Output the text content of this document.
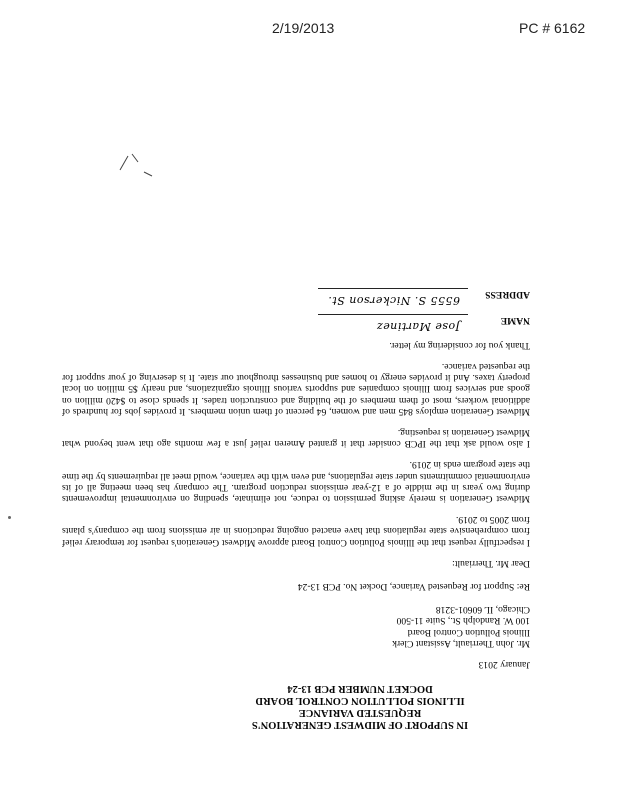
2/19/2013	PC # 6162
IN SUPPORT OF MIDWEST GENERATION'S
REQUESTED VARIANCE
ILLINOIS POLLUTION CONTROL BOARD
DOCKET NUMBER PCB 13-24
January 2013
Mr. John Therriault, Assistant Clerk
Illinois Pollution Control Board
100 W. Randolph St., Suite 11-500
Chicago, IL 60601-3218
Re: Support for Requested Variance, Docket No. PCB 13-24
Dear Mr. Therriault:
I respectfully request that the Illinois Pollution Control Board approve Midwest Generation's request for temporary relief from comprehensive state regulations that have enacted ongoing reductions in air emissions from the company's plants from 2005 to 2019.
Midwest Generation is merely asking permission to reduce, not eliminate, spending on environmental improvements during two years in the middle of a 12-year emissions reduction program. The company has been meeting all of its environmental commitments under state regulations, and even with the variance, would meet all requirements by the time the state program ends in 2019.
I also would ask that the IPCB consider that it granted Ameren relief just a few months ago that went beyond what Midwest Generation is requesting.
Midwest Generation employs 845 men and women, 64 percent of them union members. It provides jobs for hundreds of additional workers, most of them members of the building and construction trades. It spends close to $420 million on goods and services from Illinois companies and supports various Illinois organizations, and nearly $5 million on local property taxes. And it provides energy to homes and businesses throughout our state. It is deserving of your support for the requested variance.
Thank you for considering my letter.
NAME
Jose Martinez
ADDRESS
6555 S. Nickerson St.
